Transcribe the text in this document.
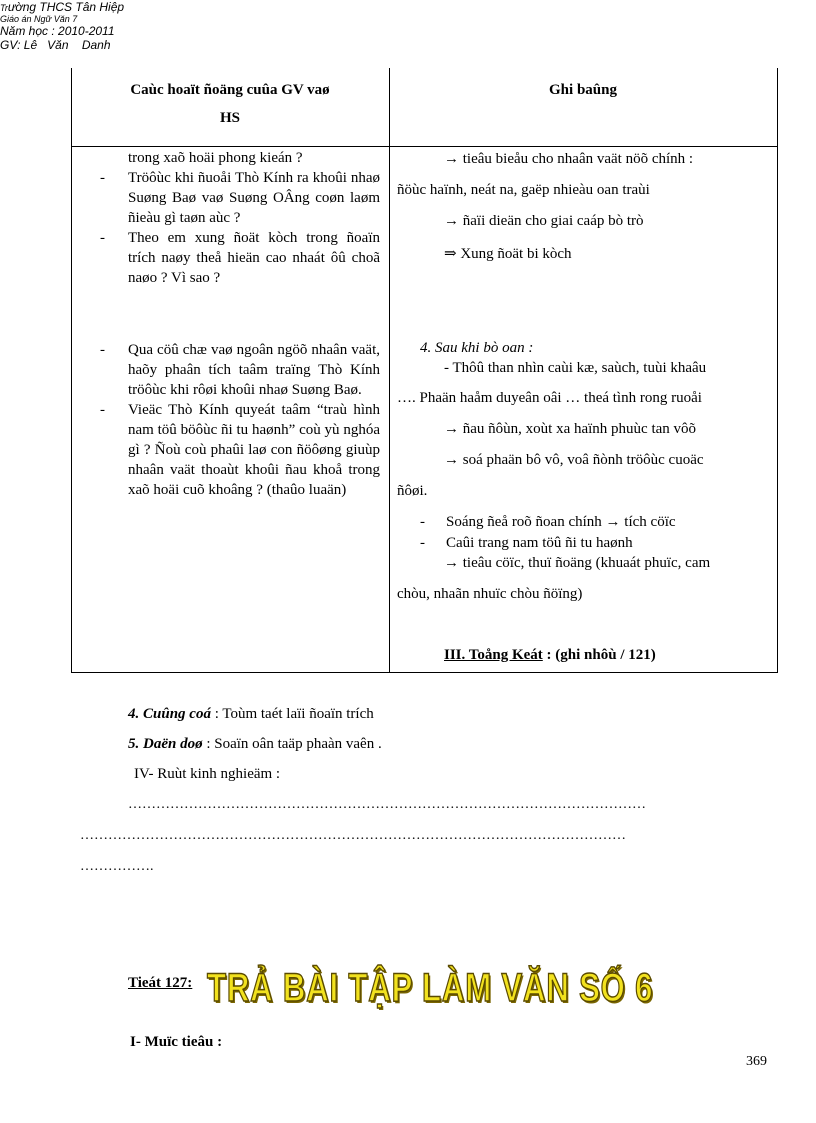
Trường THCS Tân Hiệp
Giáo án Ngữ Văn 7
Năm học : 2010-2011
GV: Lê   Văn    Danh
Caùc hoaït ñoäng cuûa GV vaø
HS
Ghi baûng
trong xaõ hoäi phong kieán ?
- Tröôùc khi ñuoåi Thò Kính ra khoûi nhaø Suøng Baø vaø Suøng OÂng coøn laøm ñieàu gì taøn aùc ?
- Theo em xung ñoät kòch trong ñoaïn trích naøy theå hieän cao nhaát ôû choã naøo ? Vì sao ?
- Qua cöû chæ vaø ngoân ngöõ nhaân vaät, haõy phaân tích taâm traïng Thò Kính tröôùc khi rôøi khoûi nhaø Suøng Baø.
- Vieäc Thò Kính quyeát taâm “traù hình nam töû böôùc ñi tu haønh” coù yù nghóa gì ? Ñoù coù phaûi laø con ñöôøng giuùp nhaân vaät thoaùt khoûi ñau khoå trong xaõ hoäi cuõ khoâng ? (thaûo luaän)
→ tieâu bieåu cho nhaân vaät nöõ chính :
ñöùc haïnh, neát na, gaëp nhieàu oan traùi
→ ñaïi dieän cho giai caáp bò trò
⇒ Xung ñoät bi kòch
4. Sau khi bò oan :
- Thôû than nhìn caùi kæ, saùch, tuùi khaâu
…. Phaän haåm duyeân oâi … theá tình rong ruoåi
→ ñau ñôùn, xoùt xa haïnh phuùc tan vôõ
→ soá phaän bô vô, voâ ñònh tröôùc cuoäc
ñôøi.
- Soáng ñeå roõ ñoan chính → tích cöïc
- Caûi trang nam töû ñi tu haønh
→ tieâu cöïc, thuï ñoäng (khuaát phuïc, cam
chòu, nhaãn nhuïc chòu ñöïng)
III. Toång Keát : (ghi nhôù / 121)
4. Cuûng coá : Toùm taét laïi ñoaïn trích
5. Daën doø : Soaïn oân taäp phaàn vaên .
IV- Ruùt kinh nghieäm :
…………………………………………………………………………………………………
………………………………………………………………………………………………………
…………….
Tieát 127: TRẢ BÀI TẬP LÀM VĂN SỐ 6
I- Muïc tieâu :
369
